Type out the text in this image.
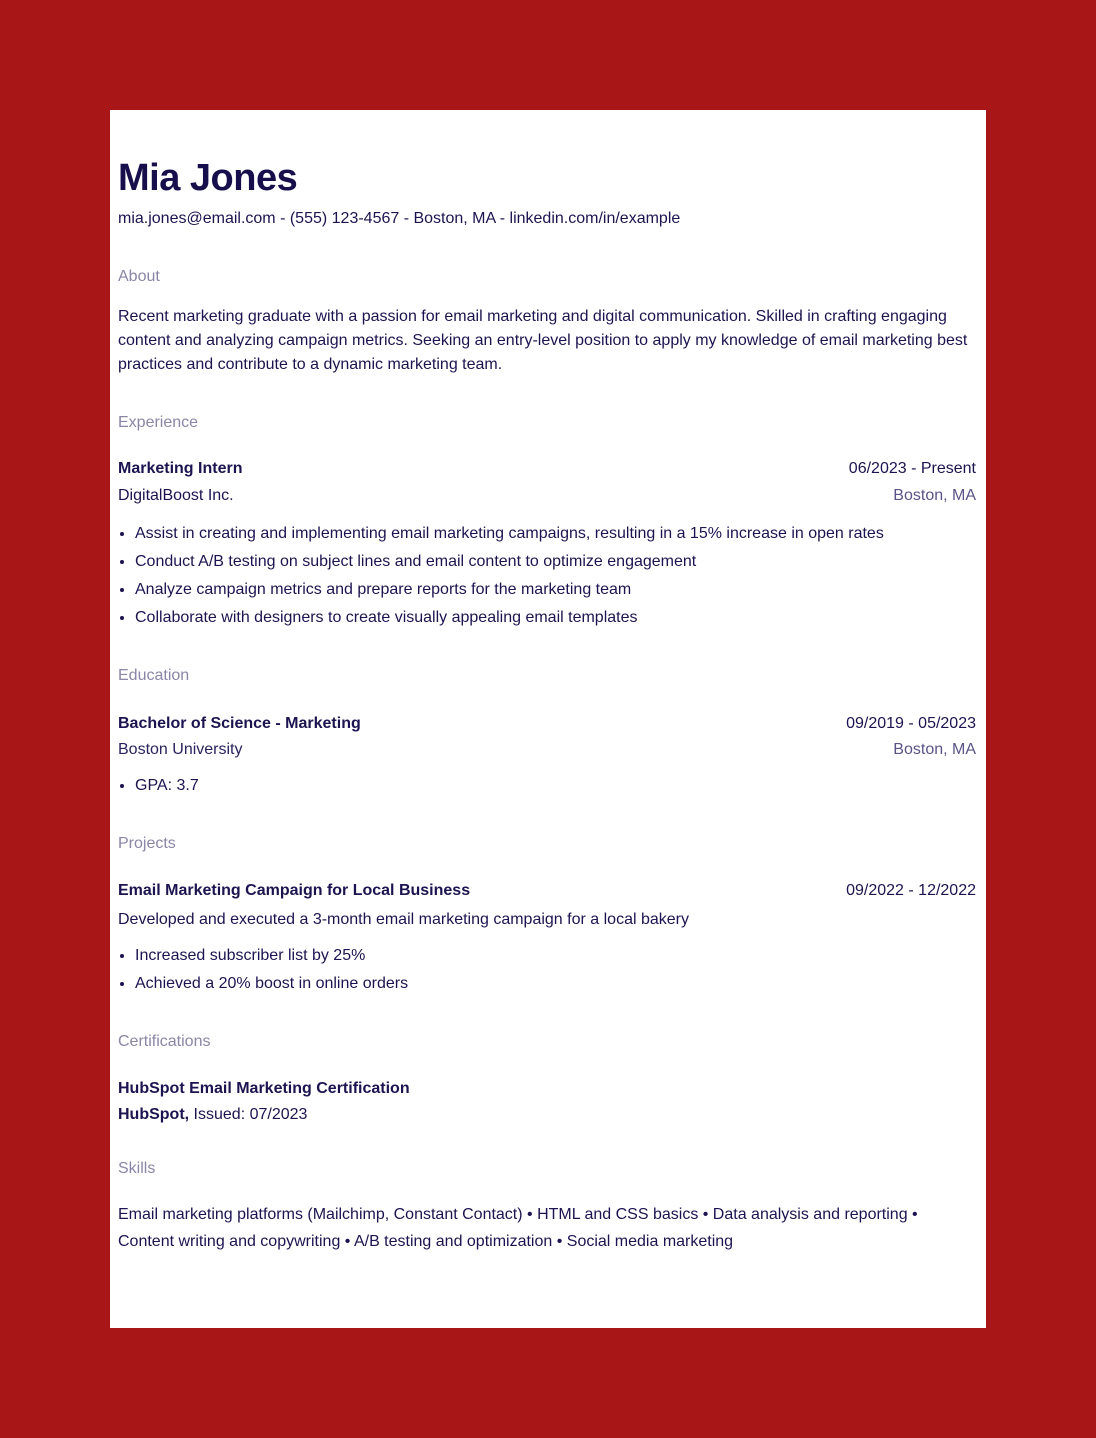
Mia Jones
mia.jones@email.com - (555) 123-4567 - Boston, MA - linkedin.com/in/example
About
Recent marketing graduate with a passion for email marketing and digital communication. Skilled in crafting engaging content and analyzing campaign metrics. Seeking an entry-level position to apply my knowledge of email marketing best practices and contribute to a dynamic marketing team.
Experience
Marketing Intern	06/2023 - Present
DigitalBoost Inc.	Boston, MA
• Assist in creating and implementing email marketing campaigns, resulting in a 15% increase in open rates
• Conduct A/B testing on subject lines and email content to optimize engagement
• Analyze campaign metrics and prepare reports for the marketing team
• Collaborate with designers to create visually appealing email templates
Education
Bachelor of Science - Marketing	09/2019 - 05/2023
Boston University	Boston, MA
• GPA: 3.7
Projects
Email Marketing Campaign for Local Business	09/2022 - 12/2022
Developed and executed a 3-month email marketing campaign for a local bakery
• Increased subscriber list by 25%
• Achieved a 20% boost in online orders
Certifications
HubSpot Email Marketing Certification
HubSpot, Issued: 07/2023
Skills
Email marketing platforms (Mailchimp, Constant Contact) • HTML and CSS basics • Data analysis and reporting • Content writing and copywriting • A/B testing and optimization • Social media marketing
